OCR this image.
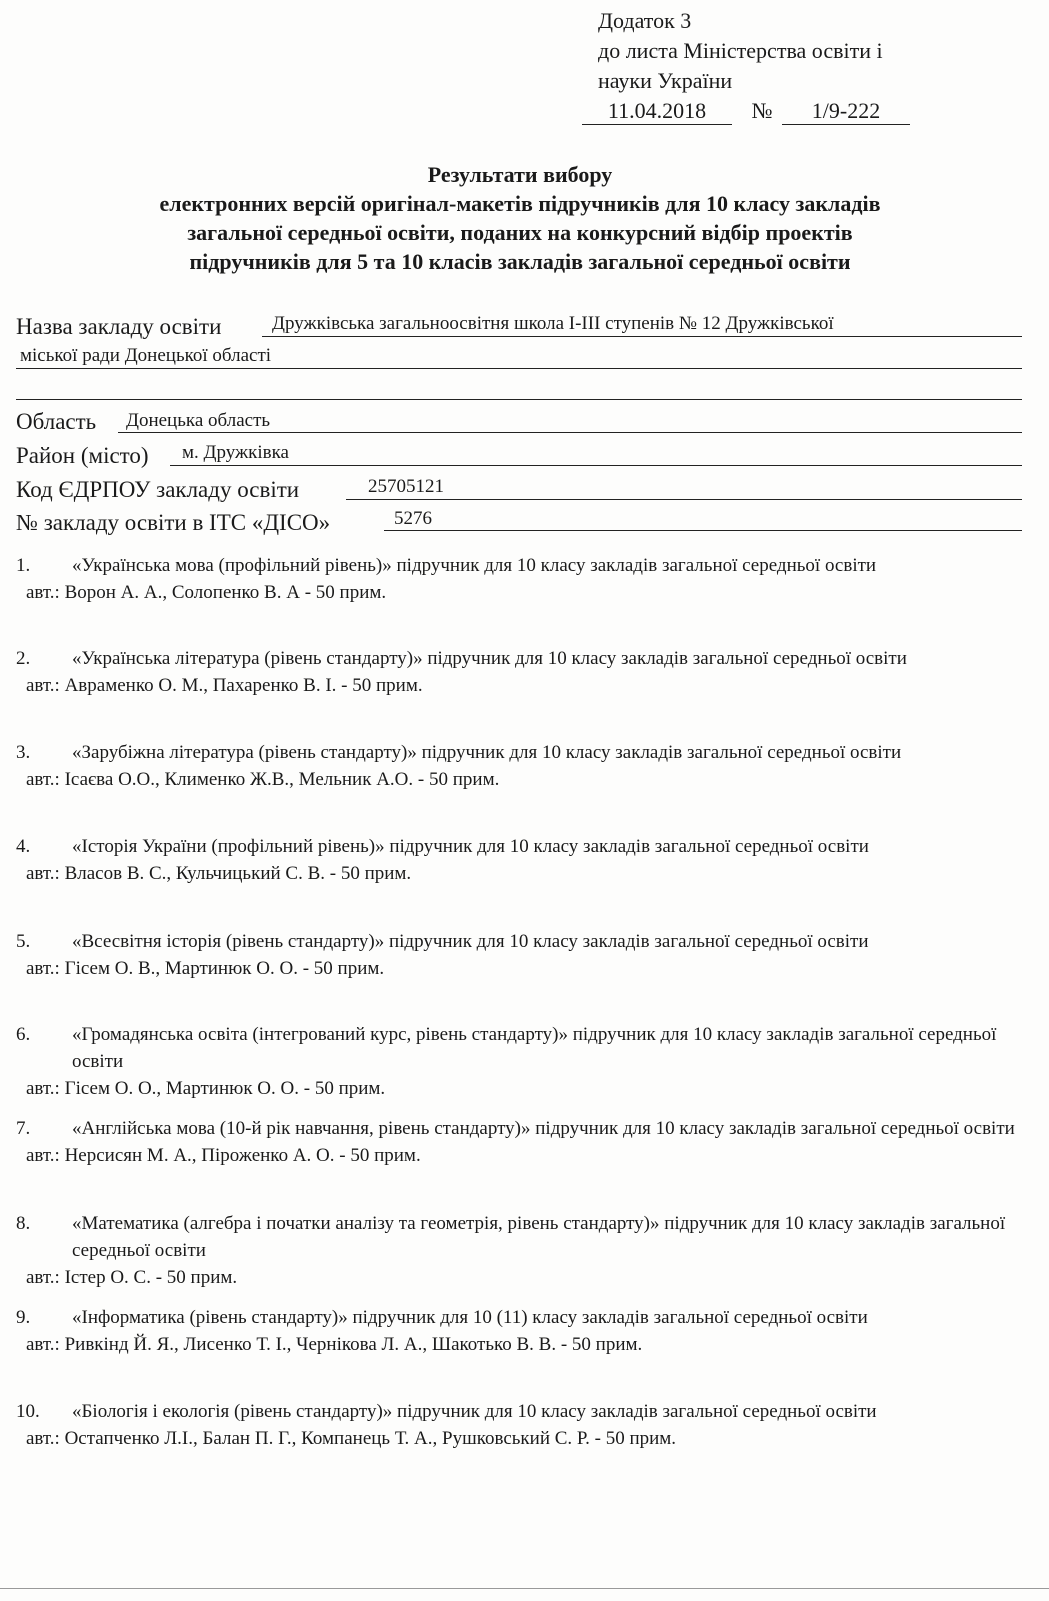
Додаток 3
до листа Міністерства освіти і
науки України
11.04.2018 № 1/9-222
Результати вибору
електронних версій оригінал-макетів підручників для 10 класу закладів
загальної середньої освіти, поданих на конкурсний відбір проектів
підручників для 5 та 10 класів закладів загальної середньої освіти
Назва закладу освіти	Дружківська загальноосвітня школа І-ІІІ ступенів № 12 Дружківської
міської ради Донецької області
Область Донецька область
Район (місто) м. Дружківка
Код ЄДРПОУ закладу освіти	25705121
№ закладу освіти в ІТС «ДІСО»	5276
1. «Українська мова (профільний рівень)» підручник для 10 класу закладів загальної середньої освіти
авт.: Ворон А. А., Солопенко В. А - 50 прим.
2. «Українська література (рівень стандарту)» підручник для 10 класу закладів загальної середньої освіти
авт.: Авраменко О. М., Пахаренко В. І. - 50 прим.
3. «Зарубіжна література (рівень стандарту)» підручник для 10 класу закладів загальної середньої освіти
авт.: Ісаєва О.О., Клименко Ж.В., Мельник А.О. - 50 прим.
4. «Історія України (профільний рівень)» підручник для 10 класу закладів загальної середньої освіти
авт.: Власов В. С., Кульчицький С. В. - 50 прим.
5. «Всесвітня історія (рівень стандарту)» підручник для 10 класу закладів загальної середньої освіти
авт.: Гісем О. В., Мартинюк О. О. - 50 прим.
6. «Громадянська освіта (інтегрований курс, рівень стандарту)» підручник для 10 класу закладів загальної середньої освіти
авт.: Гісем О. О., Мартинюк О. О. - 50 прим.
7. «Англійська мова (10-й рік навчання, рівень стандарту)» підручник для 10 класу закладів загальної середньої освіти
авт.: Нерсисян М. А., Піроженко А. О. - 50 прим.
8. «Математика (алгебра і початки аналізу та геометрія, рівень стандарту)» підручник для 10 класу закладів загальної середньої освіти
авт.: Істер О. С. - 50 прим.
9. «Інформатика (рівень стандарту)» підручник для 10 (11) класу закладів загальної середньої освіти
авт.: Ривкінд Й. Я., Лисенко Т. І., Чернікова Л. А., Шакотько В. В. - 50 прим.
10. «Біологія і екологія (рівень стандарту)» підручник для 10 класу закладів загальної середньої освіти
авт.: Остапченко Л.І., Балан П. Г., Компанець Т. А., Рушковський С. Р. - 50 прим.
